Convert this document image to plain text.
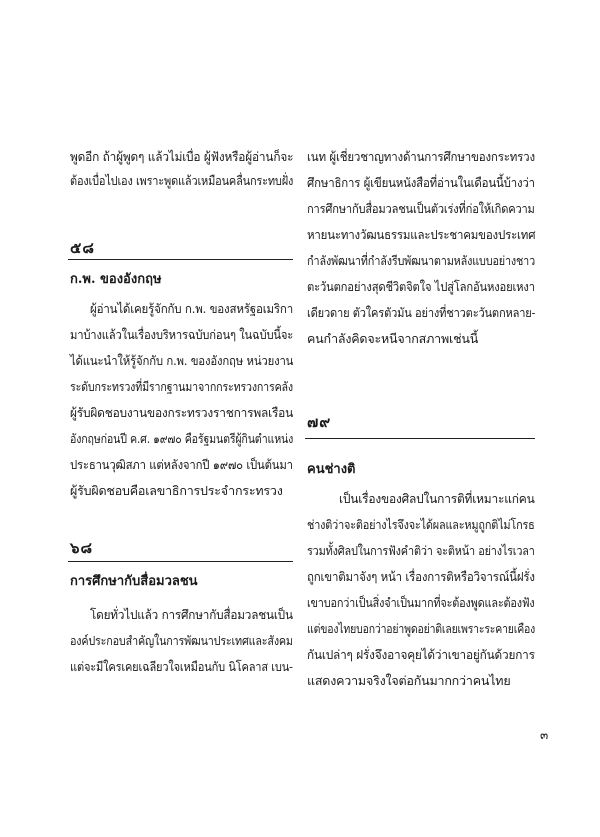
พูดอีก ถ้าผู้พูดๆ แล้วไม่เบื่อ ผู้ฟังหรือผู้อ่านก็จะ
ต้องเบื่อไปเอง เพราะพูดแล้วเหมือนคลื่นกระทบฝั่ง
๕๘
ก.พ. ของอังกฤษ
ผู้อ่านได้เคยรู้จักกับ ก.พ. ของสหรัฐอเมริกา
มาบ้างแล้วในเรื่องบริหารฉบับก่อนๆ ในฉบับนี้จะ
ได้แนะนำให้รู้จักกับ ก.พ. ของอังกฤษ หน่วยงาน
ระดับกระทรวงที่มีรากฐานมาจากกระทรวงการคลัง
ผู้รับผิดชอบงานของกระทรวงราชการพลเรือน
อังกฤษก่อนปี ค.ศ. ๑๙๗๐ คือรัฐมนตรีผู้กินตำแหน่ง
ประธานวุฒิสภา แต่หลังจากปี ๑๙๗๐ เป็นต้นมา
ผู้รับผิดชอบคือเลขาธิการประจำกระทรวง
๖๘
การศึกษากับสื่อมวลชน
โดยทั่วไปแล้ว การศึกษากับสื่อมวลชนเป็น
องค์ประกอบสำคัญในการพัฒนาประเทศและสังคม
แต่จะมีใครเคยเฉลียวใจเหมือนกับ นิโคลาส เบน-
เนท ผู้เชี่ยวชาญทางด้านการศึกษาของกระทรวง
ศึกษาธิการ ผู้เขียนหนังสือที่อ่านในเดือนนี้บ้างว่า
การศึกษากับสื่อมวลชนเป็นตัวเร่งที่ก่อให้เกิดความ
หายนะทางวัฒนธรรมและประชาคมของประเทศ
กำลังพัฒนาที่กำลังรีบพัฒนาตามหลังแบบอย่างชาว
ตะวันตกอย่างสุดชีวิตจิตใจ ไปสู่โลกอันหงอยเหงา
เดียวดาย ตัวใครตัวมัน อย่างที่ชาวตะวันตกหลาย-
คนกำลังคิดจะหนีจากสภาพเช่นนี้
๗๙
คนช่างติ
เป็นเรื่องของศิลปในการติที่เหมาะแก่คน
ช่างติว่าจะติอย่างไรจึงจะได้ผลและหมูถูกติไม่โกรธ
รวมทั้งศิลปในการฟังคำติว่า จะติหน้า อย่างไรเวลา
ถูกเขาติมาจังๆ หน้า เรื่องการติหรือวิจารณ์นี้ฝรั่ง
เขาบอกว่าเป็นสิ่งจำเป็นมากที่จะต้องพูดและต้องฟัง
แต่ของไทยบอกว่าอย่าพูดอย่าติเลยเพราะระคายเคือง
กันเปล่าๆ ฝรั่งจึงอาจคุยได้ว่าเขาอยู่กันด้วยการ
แสดงความจริงใจต่อกันมากกว่าคนไทย
๓
